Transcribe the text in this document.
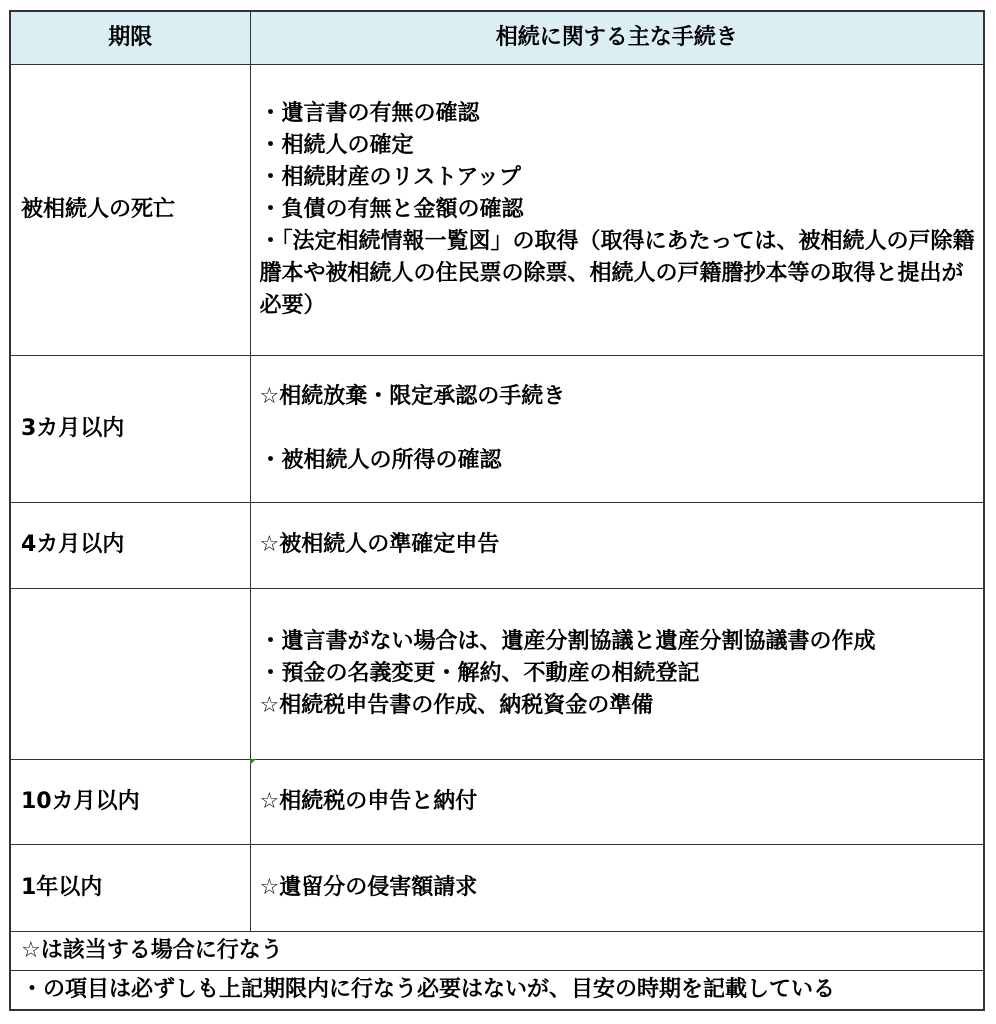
期限	相続に関する主な手続き
被相続人の死亡	・遺言書の有無の確認
・相続人の確定
・相続財産のリストアップ
・負債の有無と金額の確認
・「法定相続情報一覧図」の取得（取得にあたっては、被相続人の戸除籍謄本や被相続人の住民票の除票、相続人の戸籍謄抄本等の取得と提出が必要）

3カ月以内	☆相続放棄・限定承認の手続き
・被相続人の所得の確認

4カ月以内	☆被相続人の準確定申告

	・遺言書がない場合は、遺産分割協議と遺産分割協議書の作成
・預金の名義変更・解約、不動産の相続登記
☆相続税申告書の作成、納税資金の準備

10カ月以内	☆相続税の申告と納付

1年以内	☆遺留分の侵害額請求
☆は該当する場合に行なう
・の項目は必ずしも上記期限内に行なう必要はないが、目安の時期を記載している
